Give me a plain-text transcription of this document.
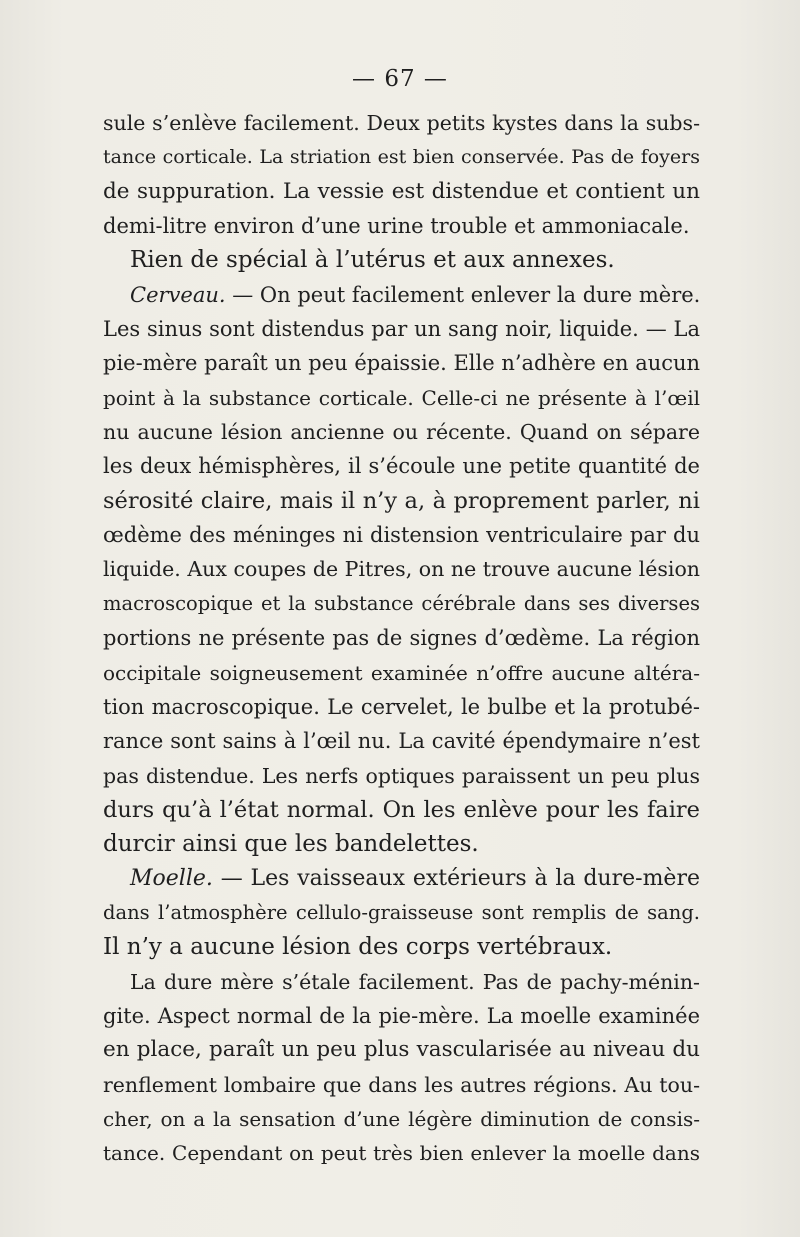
— 67 —
sule s’enlève facilement. Deux petits kystes dans la subs-
tance corticale. La striation est bien conservée. Pas de foyers
de suppuration. La vessie est distendue et contient un
demi-litre environ d’une urine trouble et ammoniacale.
Rien de spécial à l’utérus et aux annexes.
Cerveau. — On peut facilement enlever la dure mère.
Les sinus sont distendus par un sang noir, liquide. — La
pie-mère paraît un peu épaissie. Elle n’adhère en aucun
point à la substance corticale. Celle-ci ne présente à l’œil
nu aucune lésion ancienne ou récente. Quand on sépare
les deux hémisphères, il s’écoule une petite quantité de
sérosité claire, mais il n’y a, à proprement parler, ni
œdème des méninges ni distension ventriculaire par du
liquide. Aux coupes de Pitres, on ne trouve aucune lésion
macroscopique et la substance cérébrale dans ses diverses
portions ne présente pas de signes d’œdème. La région
occipitale soigneusement examinée n’offre aucune altéra-
tion macroscopique. Le cervelet, le bulbe et la protubé-
rance sont sains à l’œil nu. La cavité épendymaire n’est
pas distendue. Les nerfs optiques paraissent un peu plus
durs qu’à l’état normal. On les enlève pour les faire
durcir ainsi que les bandelettes.
Moelle. — Les vaisseaux extérieurs à la dure-mère
dans l’atmosphère cellulo-graisseuse sont remplis de sang.
Il n’y a aucune lésion des corps vertébraux.
La dure mère s’étale facilement. Pas de pachy-ménin-
gite. Aspect normal de la pie-mère. La moelle examinée
en place, paraît un peu plus vascularisée au niveau du
renflement lombaire que dans les autres régions. Au tou-
cher, on a la sensation d’une légère diminution de consis-
tance. Cependant on peut très bien enlever la moelle dans
